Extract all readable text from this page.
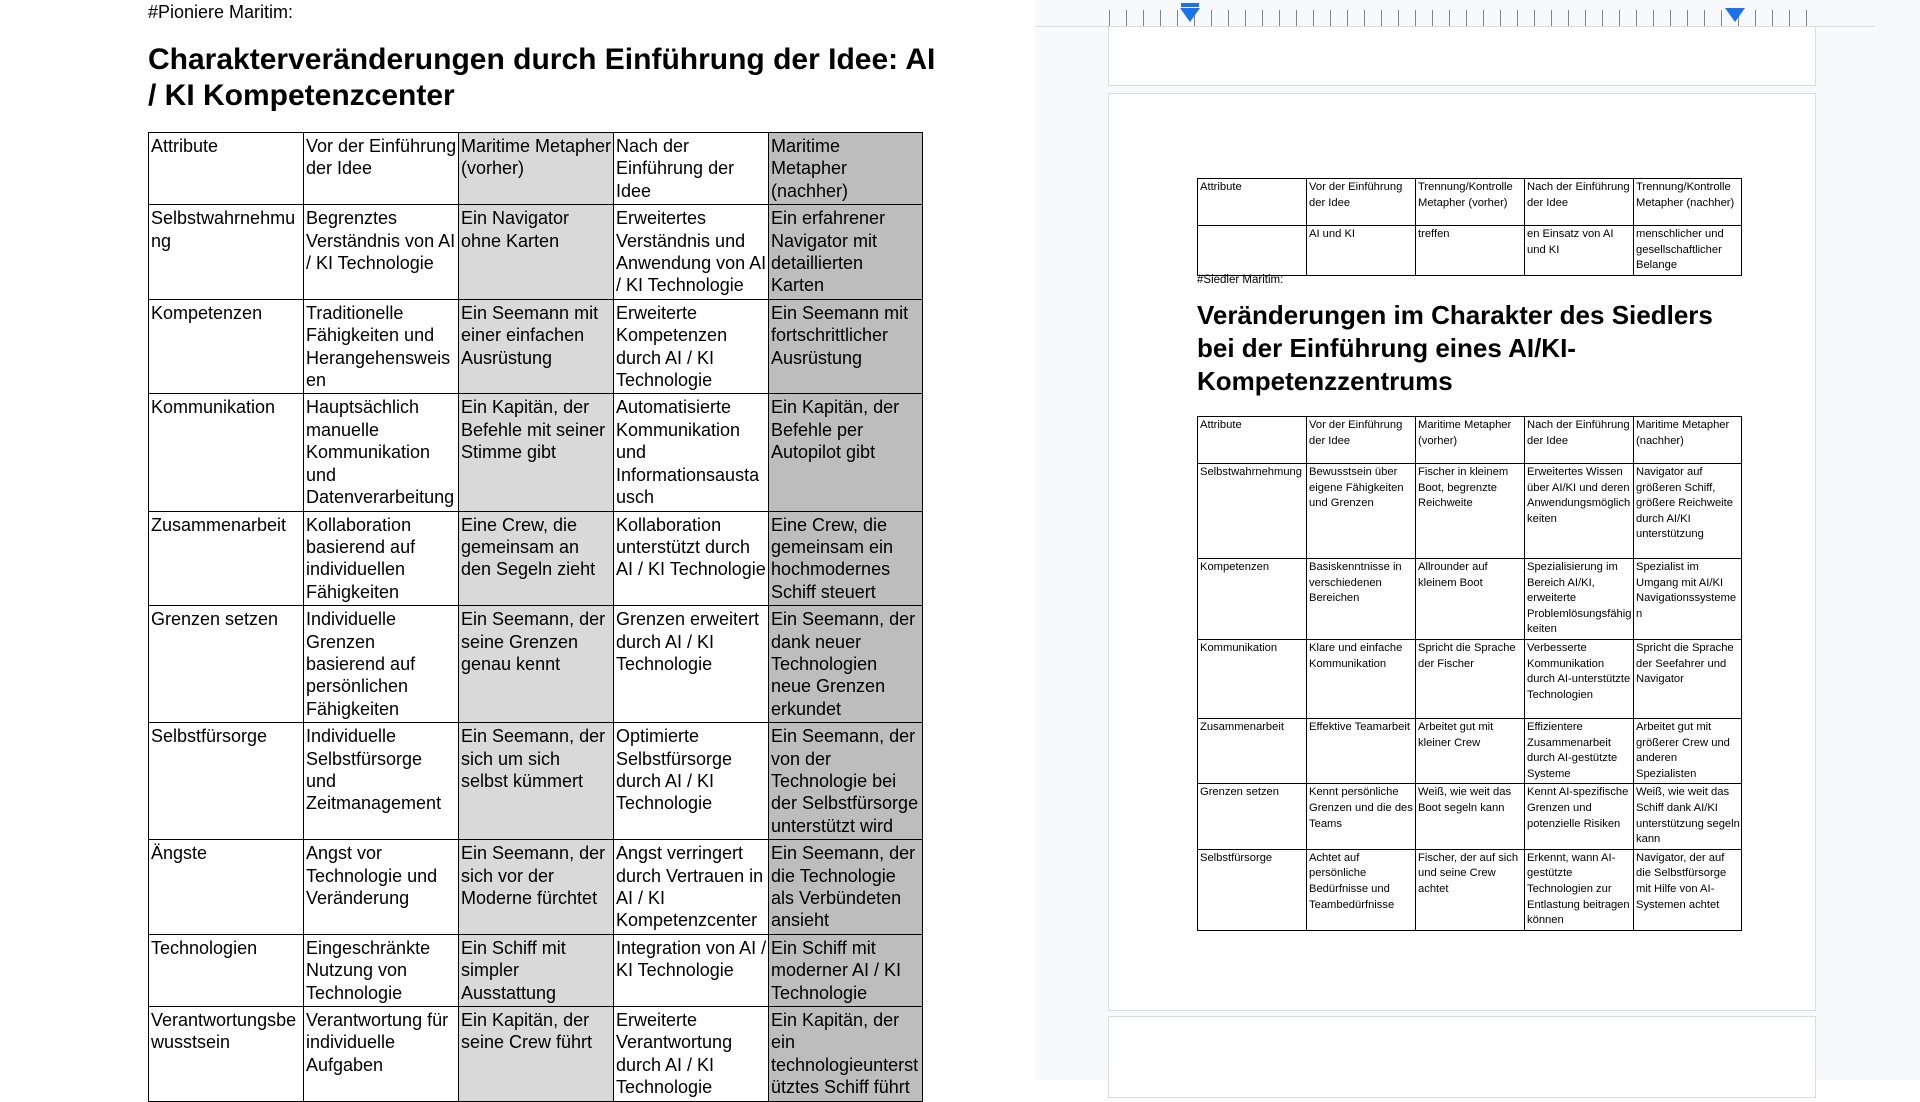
#Pioniere Maritim:
Charakterveränderungen durch Einführung der Idee: AI / KI Kompetenzcenter
Attribute	Vor der Einführung der Idee	Maritime Metapher (vorher)	Nach der Einführung der Idee	Maritime Metapher (nachher)
Selbstwahrnehmung	Begrenztes Verständnis von AI / KI Technologie	Ein Navigator ohne Karten	Erweitertes Verständnis und Anwendung von AI / KI Technologie	Ein erfahrener Navigator mit detaillierten Karten
Kompetenzen	Traditionelle Fähigkeiten und Herangehensweisen	Ein Seemann mit einer einfachen Ausrüstung	Erweiterte Kompetenzen durch AI / KI Technologie	Ein Seemann mit fortschrittlicher Ausrüstung
Kommunikation	Hauptsächlich manuelle Kommunikation und Datenverarbeitung	Ein Kapitän, der Befehle mit seiner Stimme gibt	Automatisierte Kommunikation und Informationsaustausch	Ein Kapitän, der Befehle per Autopilot gibt
Zusammenarbeit	Kollaboration basierend auf individuellen Fähigkeiten	Eine Crew, die gemeinsam an den Segeln zieht	Kollaboration unterstützt durch AI / KI Technologie	Eine Crew, die gemeinsam ein hochmodernes Schiff steuert
Grenzen setzen	Individuelle Grenzen basierend auf persönlichen Fähigkeiten	Ein Seemann, der seine Grenzen genau kennt	Grenzen erweitert durch AI / KI Technologie	Ein Seemann, der dank neuer Technologien neue Grenzen erkundet
Selbstfürsorge	Individuelle Selbstfürsorge und Zeitmanagement	Ein Seemann, der sich um sich selbst kümmert	Optimierte Selbstfürsorge durch AI / KI Technologie	Ein Seemann, der von der Technologie bei der Selbstfürsorge unterstützt wird
Ängste	Angst vor Technologie und Veränderung	Ein Seemann, der sich vor der Moderne fürchtet	Angst verringert durch Vertrauen in AI / KI Kompetenzcenter	Ein Seemann, der die Technologie als Verbündeten ansieht
Technologien	Eingeschränkte Nutzung von Technologie	Ein Schiff mit simpler Ausstattung	Integration von AI / KI Technologie	Ein Schiff mit moderner AI / KI Technologie
Verantwortungsbewusstsein	Verantwortung für individuelle Aufgaben	Ein Kapitän, der seine Crew führt	Erweiterte Verantwortung durch AI / KI Technologie	Ein Kapitän, der ein technologieunterstütztes Schiff führt
Attribute	Vor der Einführung der Idee	Trennung/Kontrolle Metapher (vorher)	Nach der Einführung der Idee	Trennung/Kontrolle Metapher (nachher)
	AI und KI	treffen	en Einsatz von AI und KI	menschlicher und gesellschaftlicher Belange
#Siedler Maritim:
Veränderungen im Charakter des Siedlers bei der Einführung eines AI/KI-Kompetenzzentrums
Attribute	Vor der Einführung der Idee	Maritime Metapher (vorher)	Nach der Einführung der Idee	Maritime Metapher (nachher)
Selbstwahrnehmung	Bewusstsein über eigene Fähigkeiten und Grenzen	Fischer in kleinem Boot, begrenzte Reichweite	Erweitertes Wissen über AI/KI und deren Anwendungsmöglichkeiten	Navigator auf größeren Schiff, größere Reichweite durch AI/KI unterstützung
Kompetenzen	Basiskenntnisse in verschiedenen Bereichen	Allrounder auf kleinem Boot	Spezialisierung im Bereich AI/KI, erweiterte Problemlösungsfähigkeiten	Spezialist im Umgang mit AI/KI Navigationssystemen
Kommunikation	Klare und einfache Kommunikation	Spricht die Sprache der Fischer	Verbesserte Kommunikation durch AI-unterstützte Technologien	Spricht die Sprache der Seefahrer und Navigator
Zusammenarbeit	Effektive Teamarbeit	Arbeitet gut mit kleiner Crew	Effizientere Zusammenarbeit durch AI-gestützte Systeme	Arbeitet gut mit größerer Crew und anderen Spezialisten
Grenzen setzen	Kennt persönliche Grenzen und die des Teams	Weiß, wie weit das Boot segeln kann	Kennt AI-spezifische Grenzen und potenzielle Risiken	Weiß, wie weit das Schiff dank AI/KI unterstützung segeln kann
Selbstfürsorge	Achtet auf persönliche Bedürfnisse und Teambedürfnisse	Fischer, der auf sich und seine Crew achtet	Erkennt, wann AI-gestützte Technologien zur Entlastung beitragen können	Navigator, der auf die Selbstfürsorge mit Hilfe von AI-Systemen achtet
